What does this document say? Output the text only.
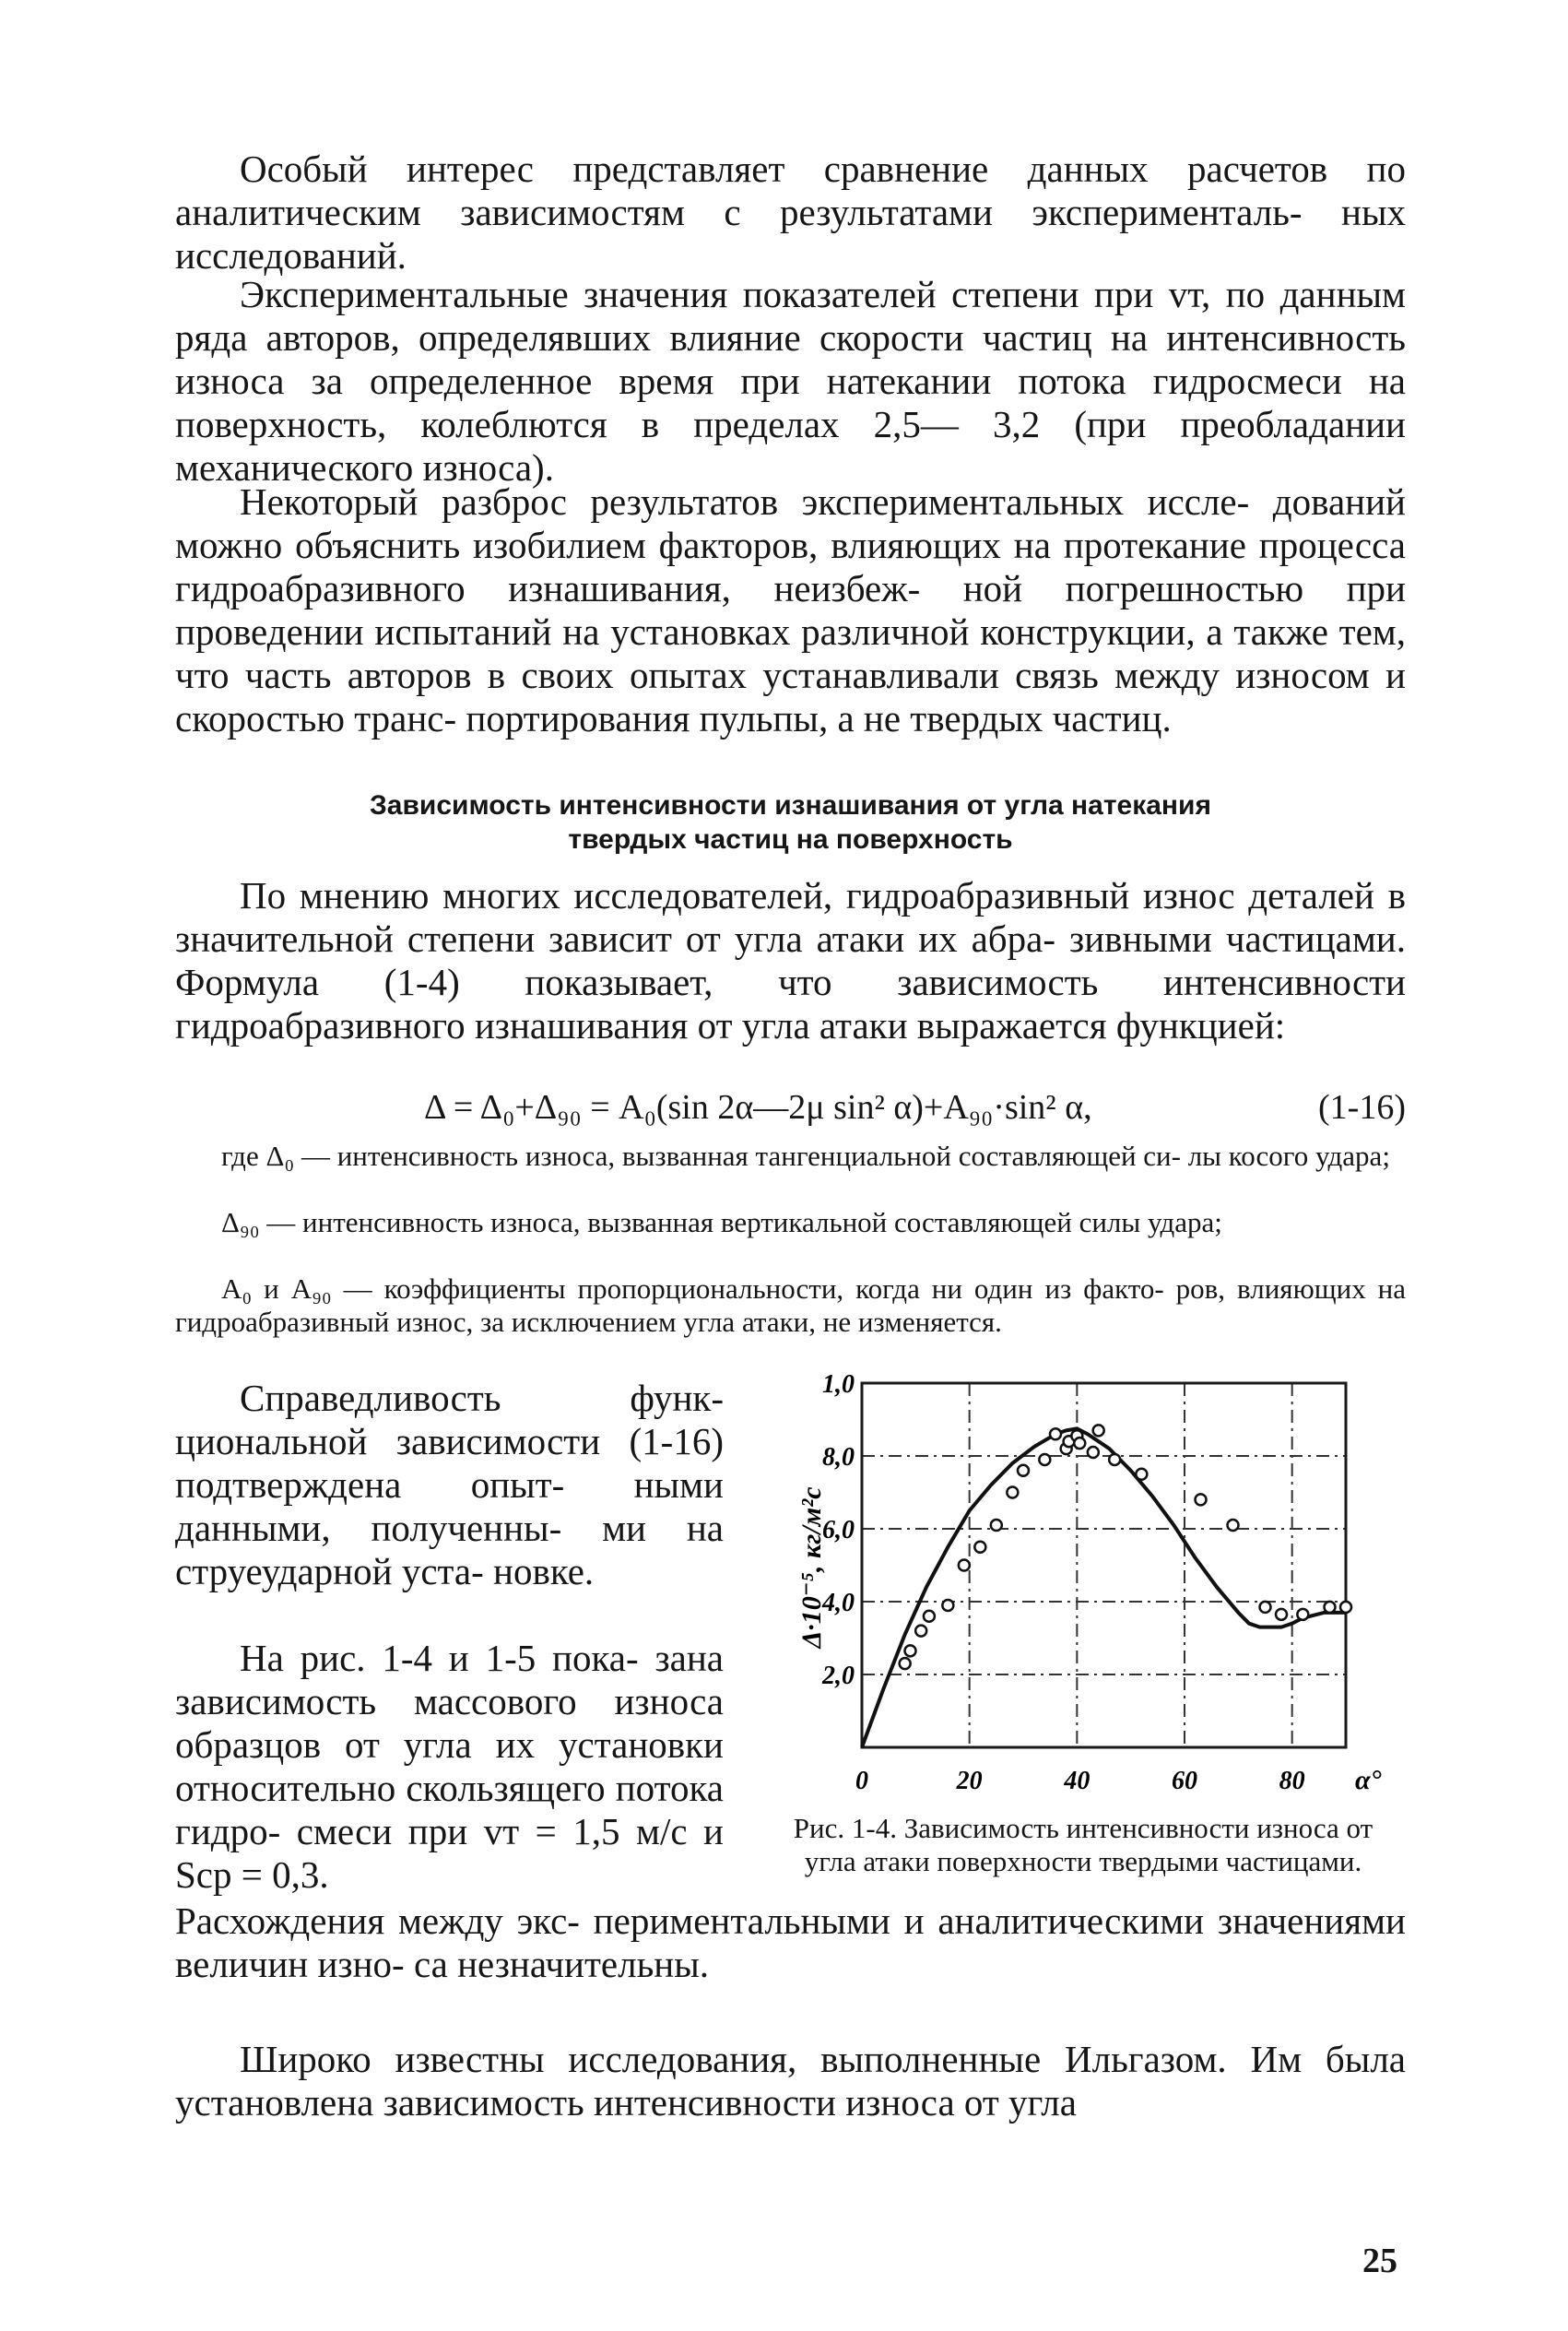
Особый интерес представляет сравнение данных расчетов по аналитическим зависимостям с результатами эксперименталь- ных исследований.

Экспериментальные значения показателей степени при vт, по данным ряда авторов, определявших влияние скорости частиц на интенсивность износа за определенное время при натекании потока гидросмеси на поверхность, колеблются в пределах 2,5— 3,2 (при преобладании механического износа).

Некоторый разброс результатов экспериментальных иссле- дований можно объяснить изобилием факторов, влияющих на протекание процесса гидроабразивного изнашивания, неизбеж- ной погрешностью при проведении испытаний на установках различной конструкции, а также тем, что часть авторов в своих опытах устанавливали связь между износом и скоростью транс- портирования пульпы, а не твердых частиц.

Зависимость интенсивности изнашивания от угла натекания
твердых частиц на поверхность

По мнению многих исследователей, гидроабразивный износ деталей в значительной степени зависит от угла атаки их абра- зивными частицами. Формула (1-4) показывает, что зависимость интенсивности гидроабразивного изнашивания от угла атаки выражается функцией:

Δ = Δ₀+Δ₉₀ = A₀(sin 2α—2μ sin² α)+A₉₀·sin² α,	(1-16)

где Δ₀ — интенсивность износа, вызванная тангенциальной составляющей си- лы косого удара;

Δ₉₀ — интенсивность износа, вызванная вертикальной составляющей силы удара;

A₀ и A₉₀ — коэффициенты пропорциональности, когда ни один из факто- ров, влияющих на гидроабразивный износ, за исключением угла атаки, не изменяется.

Справедливость функ- циональной зависимости (1-16) подтверждена опыт- ными данными, полученны- ми на струеударной уста- новке.

На рис. 1-4 и 1-5 пока- зана зависимость массового износа образцов от угла их установки относительно скользящего потока гидро- смеси при vт = 1,5 м/с и Sср = 0,3.

2,0
4,0
6,0
8,0
1,0
0	20	40	60	80
Δ·10⁻⁵, кг/м²с
α°
Рис. 1-4. Зависимость интенсивности износа от угла атаки поверхности твердыми частицами.

Расхождения между экс- периментальными и аналитическими значениями величин изно- са незначительны.

Широко известны исследования, выполненные Ильгазом. Им была установлена зависимость интенсивности износа от угла

25
